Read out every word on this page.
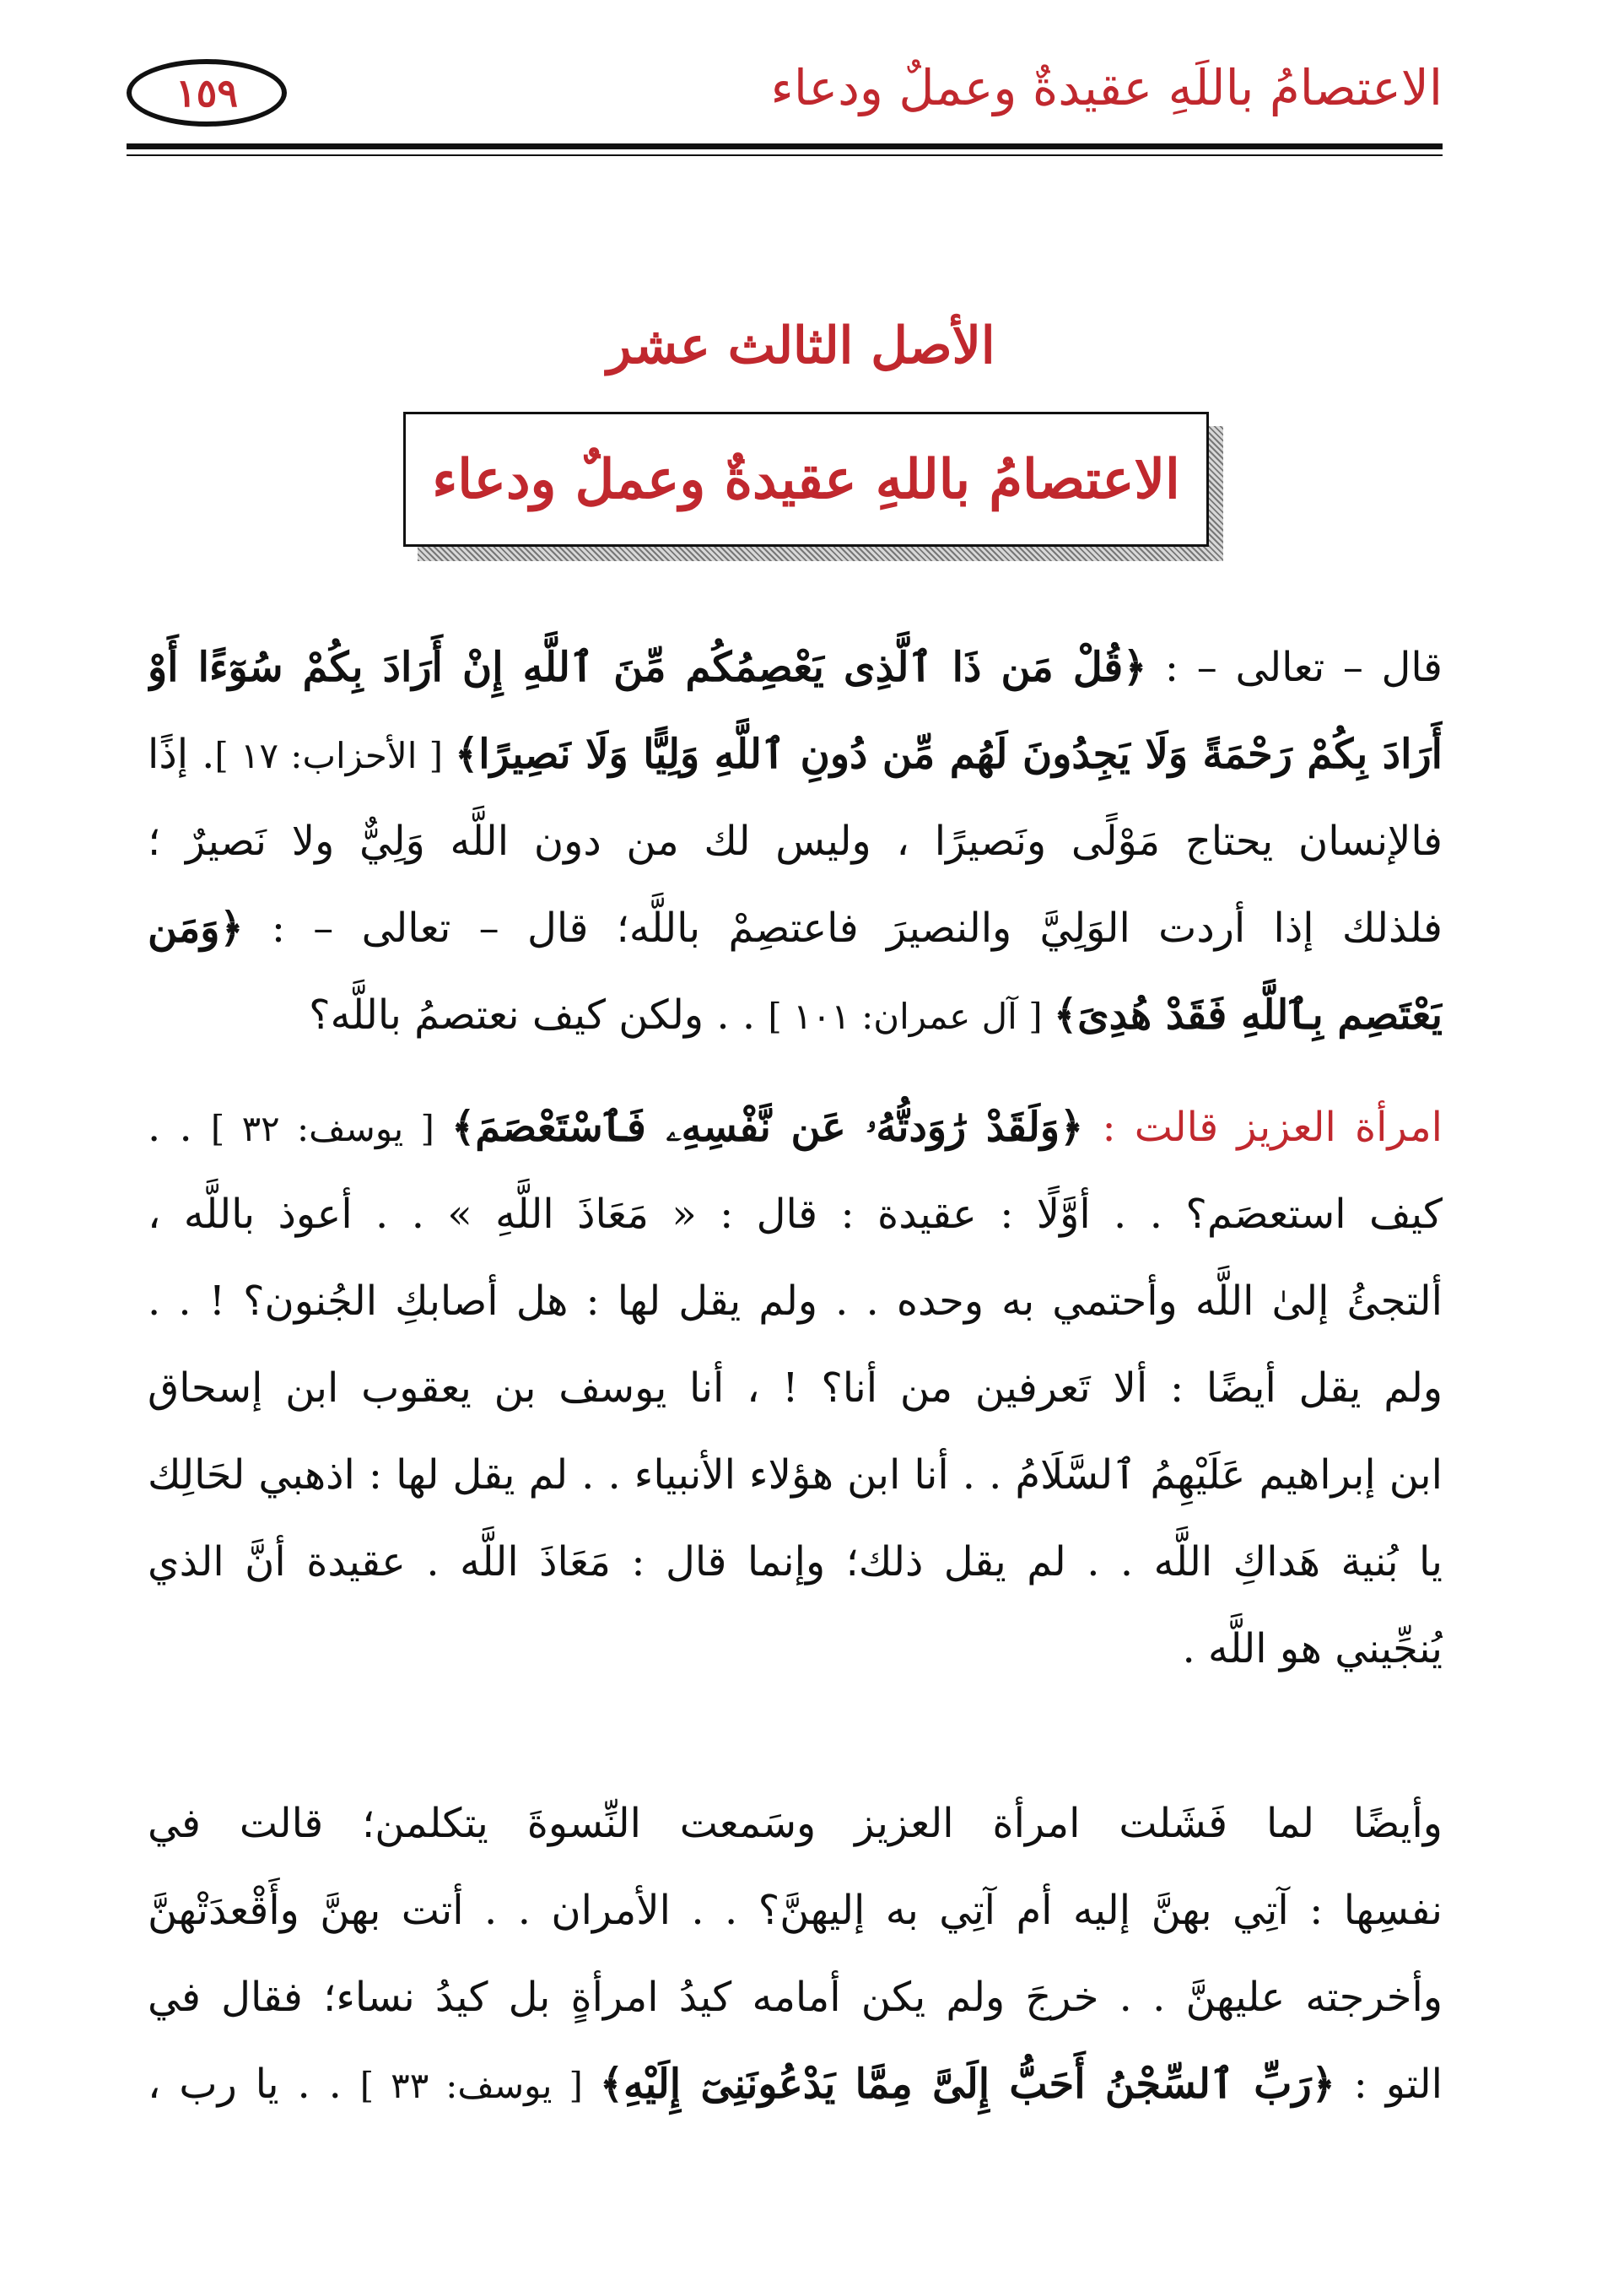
الاعتصامُ باللَهِ عقيدةٌ وعملٌ ودعاء
١٥٩
الأصل الثالث عشر
الاعتصامُ باللهِ عقيدةٌ وعملٌ ودعاء
قال – تعالى – : ﴿قُلْ مَن ذَا ٱلَّذِى يَعْصِمُكُم مِّنَ ٱللَّهِ إِنْ أَرَادَ بِكُمْ سُوٓءًا أَوْ
أَرَادَ بِكُمْ رَحْمَةً وَلَا يَجِدُونَ لَهُم مِّن دُونِ ٱللَّهِ وَلِيًّا وَلَا نَصِيرًا﴾ [ الأحزاب: ١٧ ]. إذًا
فالإنسان يحتاج مَوْلًى ونَصيرًا ، وليس لك من دون اللَّه وَلِيٌّ ولا نَصيرٌ ؛
فلذلك إذا أردت الوَلِيَّ والنصيرَ فاعتصِمْ باللَّه؛ قال – تعالى – : ﴿وَمَن
يَعْتَصِم بِٱللَّهِ فَقَدْ هُدِىَ﴾ [ آل عمران: ١٠١ ] . . ولكن كيف نعتصمُ باللَّه؟
امرأة العزيز قالت : ﴿وَلَقَدْ رَٰوَدتُّهُۥ عَن نَّفْسِهِۦ فَٱسْتَعْصَمَ﴾ [ يوسف: ٣٢ ] . .
كيف استعصَم؟ . . أوَّلًا : عقيدة : قال : « مَعَاذَ اللَّهِ » . . أعوذ باللَّه ،
ألتجئُ إلىٰ اللَّه وأحتمي به وحده . . ولم يقل لها : هل أصابكِ الجُنون؟ ! . .
ولم يقل أيضًا : ألا تَعرفين من أنا؟ ! ، أنا يوسف بن يعقوب ابن إسحاق
ابن إبراهيم عَلَيْهِمُ ٱلسَّلَامُ . . أنا ابن هؤلاء الأنبياء . . لم يقل لها : اذهبي لحَالِك
يا بُنية هَداكِ اللَّه . . لم يقل ذلك؛ وإنما قال : مَعَاذَ اللَّه . عقيدة أنَّ الذي
يُنجِّيني هو اللَّه .
وأيضًا لما فَشَلت امرأة العزيز وسَمعت النِّسوةَ يتكلمن؛ قالت في
نفسِها : آتِي بهنَّ إليه أم آتِي به إليهنَّ؟ . . الأمران . . أتت بهنَّ وأَقْعدَتْهنَّ
وأخرجته عليهنَّ . . خرجَ ولم يكن أمامه كيدُ امرأةٍ بل كيدُ نساء؛ فقال في
التو : ﴿رَبِّ ٱلسِّجْنُ أَحَبُّ إِلَىَّ مِمَّا يَدْعُونَنِىٓ إِلَيْهِ﴾ [ يوسف: ٣٣ ] . . يا رب ،
